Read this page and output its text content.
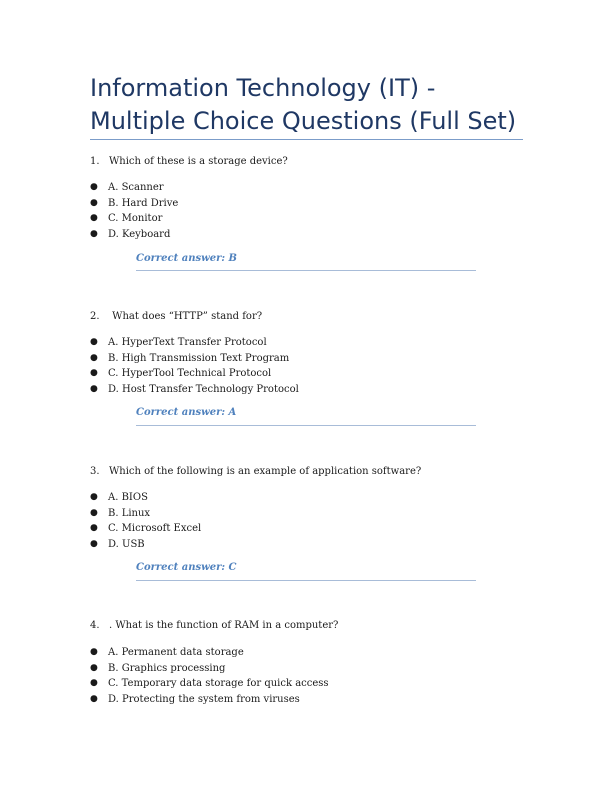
Information Technology (IT) - Multiple Choice Questions (Full Set)
1. Which of these is a storage device?
● A. Scanner
● B. Hard Drive
● C. Monitor
● D. Keyboard
Correct answer: B
2. What does “HTTP” stand for?
● A. HyperText Transfer Protocol
● B. High Transmission Text Program
● C. HyperTool Technical Protocol
● D. Host Transfer Technology Protocol
Correct answer: A
3. Which of the following is an example of application software?
● A. BIOS
● B. Linux
● C. Microsoft Excel
● D. USB
Correct answer: C
4. . What is the function of RAM in a computer?
● A. Permanent data storage
● B. Graphics processing
● C. Temporary data storage for quick access
● D. Protecting the system from viruses
